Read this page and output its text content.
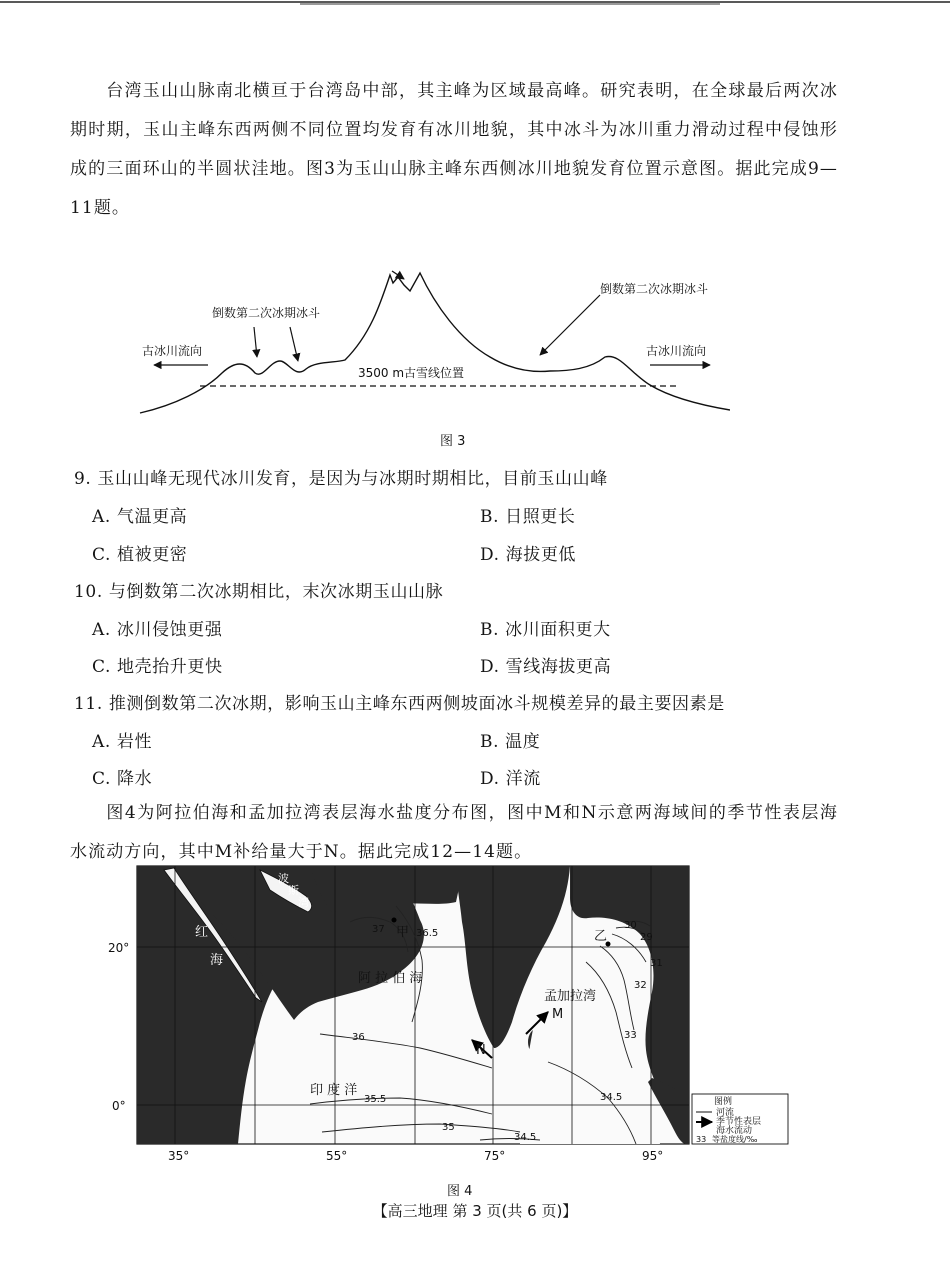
台湾玉山山脉南北横亘于台湾岛中部，其主峰为区域最高峰。研究表明，在全球最后两次冰期时期，玉山主峰东西两侧不同位置均发育有冰川地貌，其中冰斗为冰川重力滑动过程中侵蚀形成的三面环山的半圆状洼地。图3为玉山山脉主峰东西侧冰川地貌发育位置示意图。据此完成9—11题。
倒数第二次冰期冰斗
倒数第二次冰期冰斗
古冰川流向	古冰川流向
3500 m古雪线位置
图 3
9. 玉山山峰无现代冰川发育，是因为与冰期时期相比，目前玉山山峰
A. 气温更高	B. 日照更长
C. 植被更密	D. 海拔更低
10. 与倒数第二次冰期相比，末次冰期玉山山脉
A. 冰川侵蚀更强	B. 冰川面积更大
C. 地壳抬升更快	D. 雪线海拔更高
11. 推测倒数第二次冰期，影响玉山主峰东西两侧坡面冰斗规模差异的最主要因素是
A. 岩性	B. 温度
C. 降水	D. 洋流
图4为阿拉伯海和孟加拉湾表层海水盐度分布图，图中M和N示意两海域间的季节性表层海水流动方向，其中M补给量大于N。据此完成12—14题。
红
海
波
斯
湾
阿 拉 伯 海
孟加拉湾
印 度 洋
甲	乙
M
N
37	36.5
36
35.5
35
34.5
34.5
33
32
31
30
29
20°
0°
35°	55°	75°	95°
图例
河流
季节性表层
海水流动
33 等盐度线/‰
图 4
【高三地理 第 3 页(共 6 页)】
